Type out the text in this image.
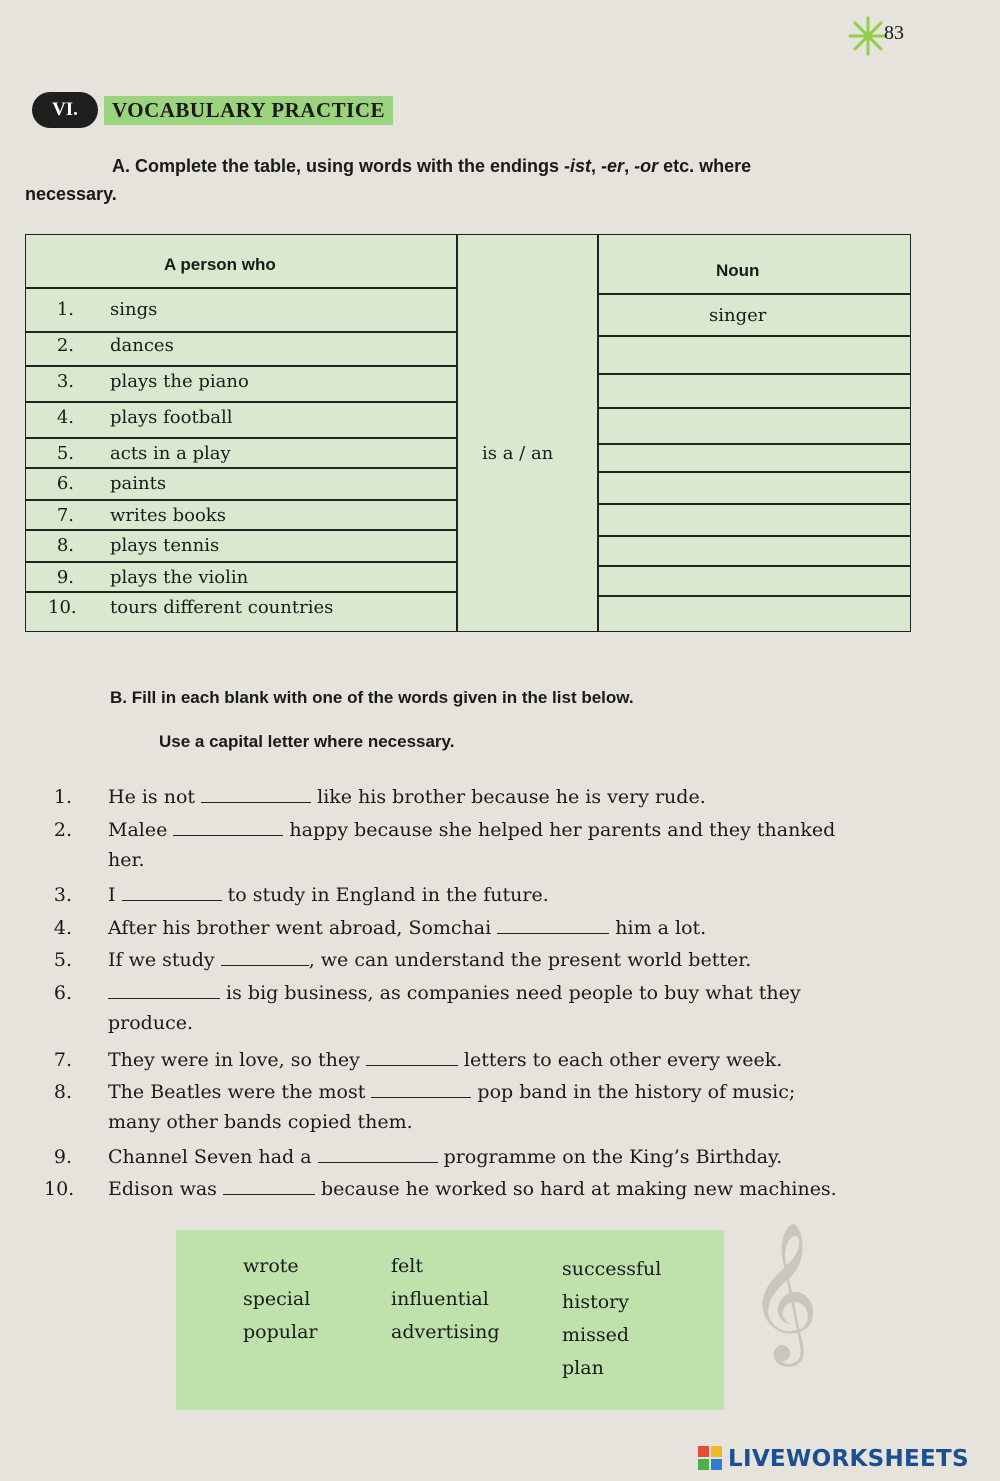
83
VI.	VOCABULARY PRACTICE
A. Complete the table, using words with the endings -ist, -er, -or etc. where
necessary.
A person who	Noun
is a / an
1. sings	singer
2. dances
3. plays the piano
4. plays football
5. acts in a play
6. paints
7. writes books
8. plays tennis
9. plays the violin
10. tours different countries
B. Fill in each blank with one of the words given in the list below.
Use a capital letter where necessary.
1. He is not	like his brother because he is very rude.
2. Malee	happy because she helped her parents and they thanked
her.
3. I	to study in England in the future.
4. After his brother went abroad, Somchai	him a lot.
5. If we study	, we can understand the present world better.
6.	is big business, as companies need people to buy what they
produce.
7. They were in love, so they	letters to each other every week.
8. The Beatles were the most	pop band in the history of music;
many other bands copied them.
9. Channel Seven had a	programme on the King’s Birthday.
10. Edison was	because he worked so hard at making new machines.
wrote
special
popular
felt
influential
advertising
successful
history
missed
plan
𝄞
LIVEWORKSHEETS
